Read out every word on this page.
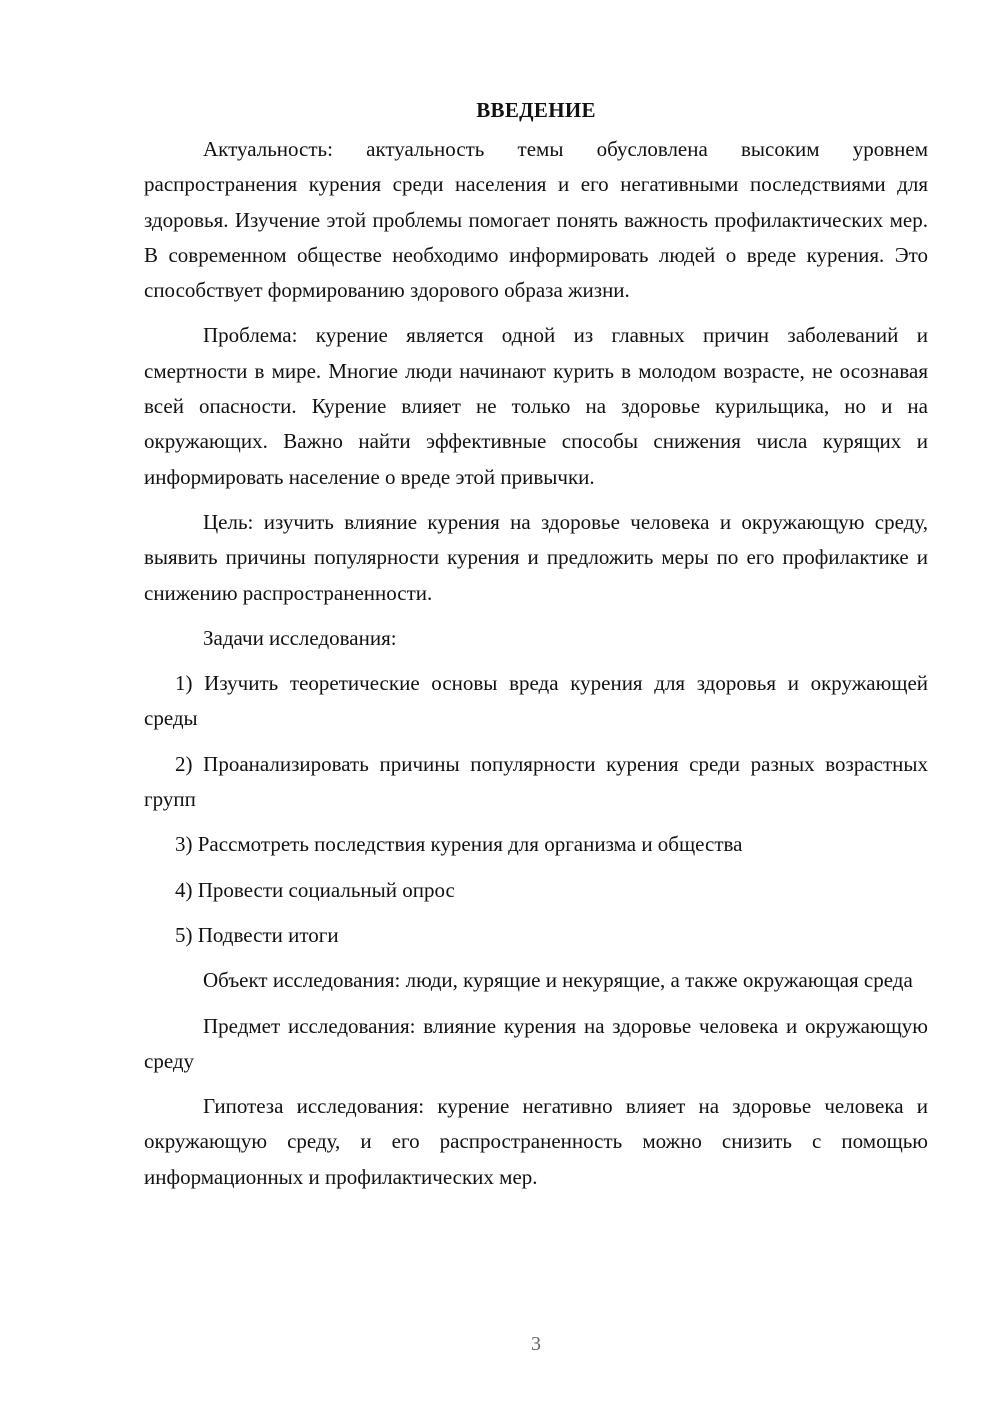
ВВЕДЕНИЕ

Актуальность: актуальность темы обусловлена высоким уровнем распространения курения среди населения и его негативными последствиями для здоровья. Изучение этой проблемы помогает понять важность профилактических мер. В современном обществе необходимо информировать людей о вреде курения. Это способствует формированию здорового образа жизни.

Проблема: курение является одной из главных причин заболеваний и смертности в мире. Многие люди начинают курить в молодом возрасте, не осознавая всей опасности. Курение влияет не только на здоровье курильщика, но и на окружающих. Важно найти эффективные способы снижения числа курящих и информировать население о вреде этой привычки.

Цель: изучить влияние курения на здоровье человека и окружающую среду, выявить причины популярности курения и предложить меры по его профилактике и снижению распространенности.

Задачи исследования:

1) Изучить теоретические основы вреда курения для здоровья и окружающей среды

2) Проанализировать причины популярности курения среди разных возрастных групп

3) Рассмотреть последствия курения для организма и общества

4) Провести социальный опрос

5) Подвести итоги

Объект исследования: люди, курящие и некурящие, а также окружающая среда

Предмет исследования: влияние курения на здоровье человека и окружающую среду

Гипотеза исследования: курение негативно влияет на здоровье человека и окружающую среду, и его распространенность можно снизить с помощью информационных и профилактических мер.

3
